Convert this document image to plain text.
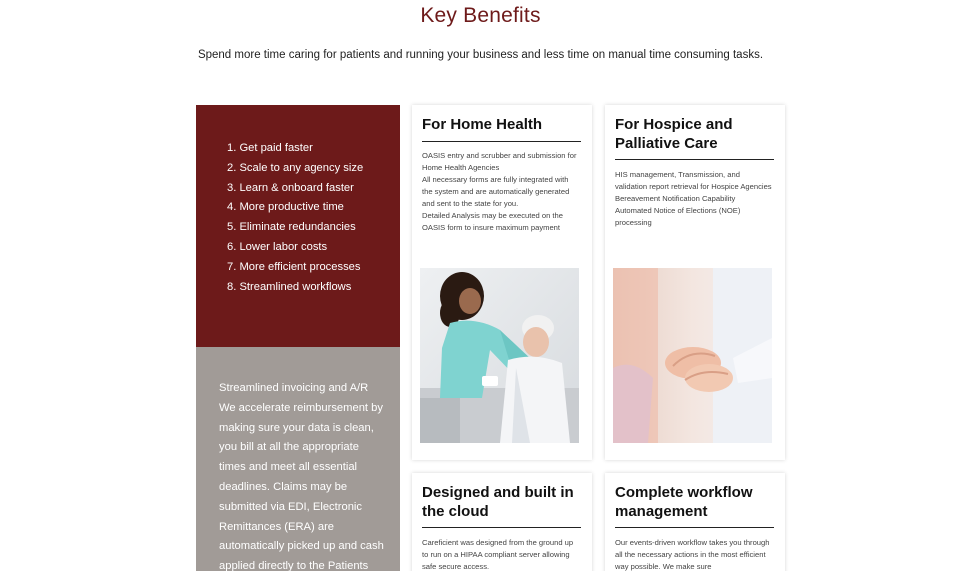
Key Benefits

Spend more time caring for patients and running your business and less time on manual time consuming tasks.

1. Get paid faster
2. Scale to any agency size
3. Learn & onboard faster
4. More productive time
5. Eliminate redundancies
6. Lower labor costs
7. More efficient processes
8. Streamlined workflows

Streamlined invoicing and A/R We accelerate reimbursement by making sure your data is clean, you bill at all the appropriate times and meet all essential deadlines. Claims may be submitted via EDI, Electronic Remittances (ERA) are automatically picked up and cash applied directly to the Patients

For Home Health

OASIS entry and scrubber and submission for Home Health Agencies

All necessary forms are fully integrated with the system and are automatically generated and sent to the state for you.

Detailed Analysis may be executed on the OASIS form to insure maximum payment

For Hospice and Palliative Care

HIS management, Transmission, and validation report retrieval for Hospice Agencies

Bereavement Notification Capability

Automated Notice of Elections (NOE) processing

Designed and built in the cloud

Careficient was designed from the ground up to run on a HIPAA compliant server allowing safe secure access.

Complete workflow management

Our events-driven workflow takes you through all the necessary actions in the most efficient way possible. We make sure
